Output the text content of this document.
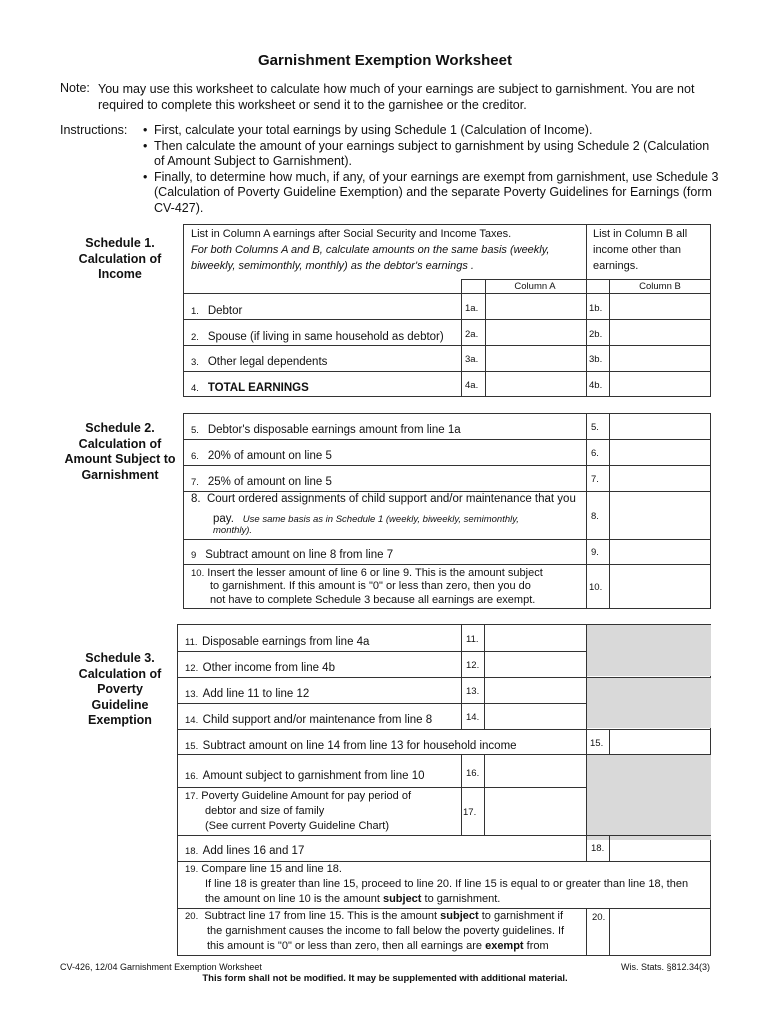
Garnishment Exemption Worksheet
Note: You may use this worksheet to calculate how much of your earnings are subject to garnishment. You are not required to complete this worksheet or send it to the garnishee or the creditor.
Instructions:
•	First, calculate your total earnings by using Schedule 1 (Calculation of Income).
• Then calculate the amount of your earnings subject to garnishment by using Schedule 2 (Calculation of Amount Subject to Garnishment).
• Finally, to determine how much, if any, of your earnings are exempt from garnishment, use Schedule 3 (Calculation of Poverty Guideline Exemption) and the separate Poverty Guidelines for Earnings (form CV-427).
Schedule 1.
Calculation of
Income
List in Column A earnings after Social Security and Income Taxes.
For both Columns A and B, calculate amounts on the same basis (weekly,
biweekly, semimonthly, monthly) as the debtor's earnings .
List in Column B all
income other than
earnings.
Column A	Column B
1. Debtor	1a.	1b.
2. Spouse (if living in same household as debtor) 2a.	2b.
3. Other legal dependents	3a.	3b.
4. TOTAL EARNINGS	4a.	4b.
Schedule 2.
Calculation of
Amount Subject to
Garnishment
5. Debtor's disposable earnings amount from line 1a	5.
6. 20% of amount on line 5	6.
7. 25% of amount on line 5	7.
8. Court ordered assignments of child support and/or maintenance that you
pay. Use same basis as in Schedule 1 (weekly, biweekly, semimonthly,
monthly).
8.
9 Subtract amount on line 8 from line 7	9.
10. Insert the lesser amount of line 6 or line 9. This is the amount subject
to garnishment. If this amount is "0" or less than zero, then you do
not have to complete Schedule 3 because all earnings are exempt.
10.
Schedule 3.
Calculation of
Poverty
Guideline
Exemption
11. Disposable earnings from line 4a	11.
12. Other income from line 4b	12.
13. Add line 11 to line 12	13.
14. Child support and/or maintenance from line 8	14.
15. Subtract amount on line 14 from line 13 for household income	15.
16. Amount subject to garnishment from line 10	16.
17. Poverty Guideline Amount for pay period of
debtor and size of family
(See current Poverty Guideline Chart)
17.
18. Add lines 16 and 17	18.
19. Compare line 15 and line 18.
If line 18 is greater than line 15, proceed to line 20. If line 15 is equal to or greater than line 18, then
the amount on line 10 is the amount subject to garnishment.
20. Subtract line 17 from line 15. This is the amount subject to garnishment if
the garnishment causes the income to fall below the poverty guidelines. If
this amount is "0" or less than zero, then all earnings are exempt from
20.
CV-426, 12/04 Garnishment Exemption Worksheet	Wis. Stats. §812.34(3)
This form shall not be modified. It may be supplemented with additional material.
